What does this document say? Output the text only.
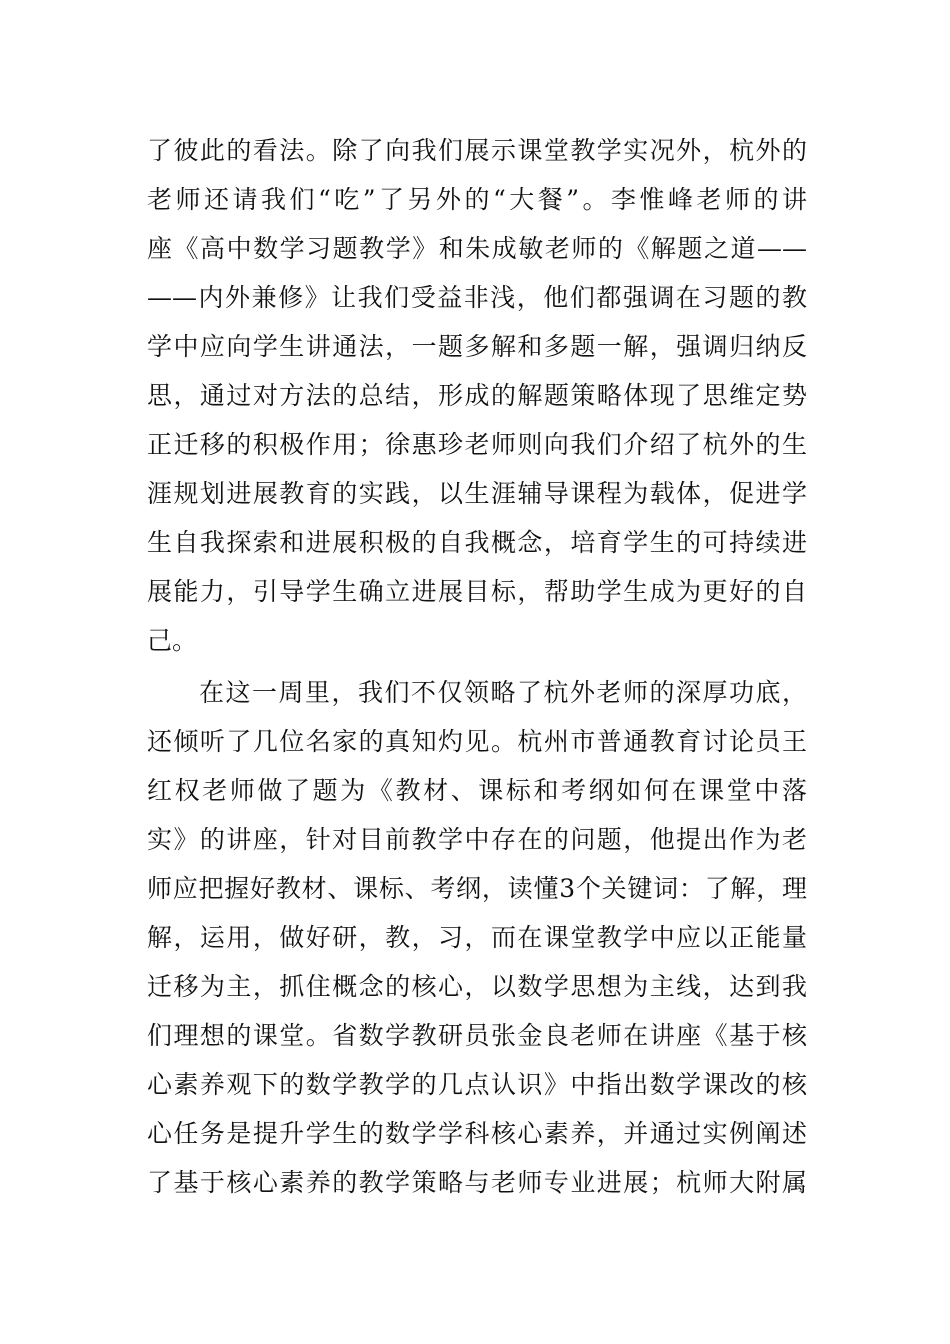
了彼此的看法。除了向我们展示课堂教学实况外，杭外的

老师还请我们“吃”了另外的“大餐”。李惟峰老师的讲

座《高中数学习题教学》和朱成敏老师的《解题之道——

——内外兼修》让我们受益非浅，他们都强调在习题的教

学中应向学生讲通法，一题多解和多题一解，强调归纳反

思，通过对方法的总结，形成的解题策略体现了思维定势

正迁移的积极作用；徐惠珍老师则向我们介绍了杭外的生

涯规划进展教育的实践，以生涯辅导课程为载体，促进学

生自我探索和进展积极的自我概念，培育学生的可持续进

展能力，引导学生确立进展目标，帮助学生成为更好的自

己。

在这一周里，我们不仅领略了杭外老师的深厚功底，

还倾听了几位名家的真知灼见。杭州市普通教育讨论员王

红权老师做了题为《教材、课标和考纲如何在课堂中落

实》的讲座，针对目前教学中存在的问题，他提出作为老

师应把握好教材、课标、考纲，读懂3个关键词：了解，理

解，运用，做好研，教，习，而在课堂教学中应以正能量

迁移为主，抓住概念的核心，以数学思想为主线，达到我

们理想的课堂。省数学教研员张金良老师在讲座《基于核

心素养观下的数学教学的几点认识》中指出数学课改的核

心任务是提升学生的数学学科核心素养，并通过实例阐述

了基于核心素养的教学策略与老师专业进展；杭师大附属
